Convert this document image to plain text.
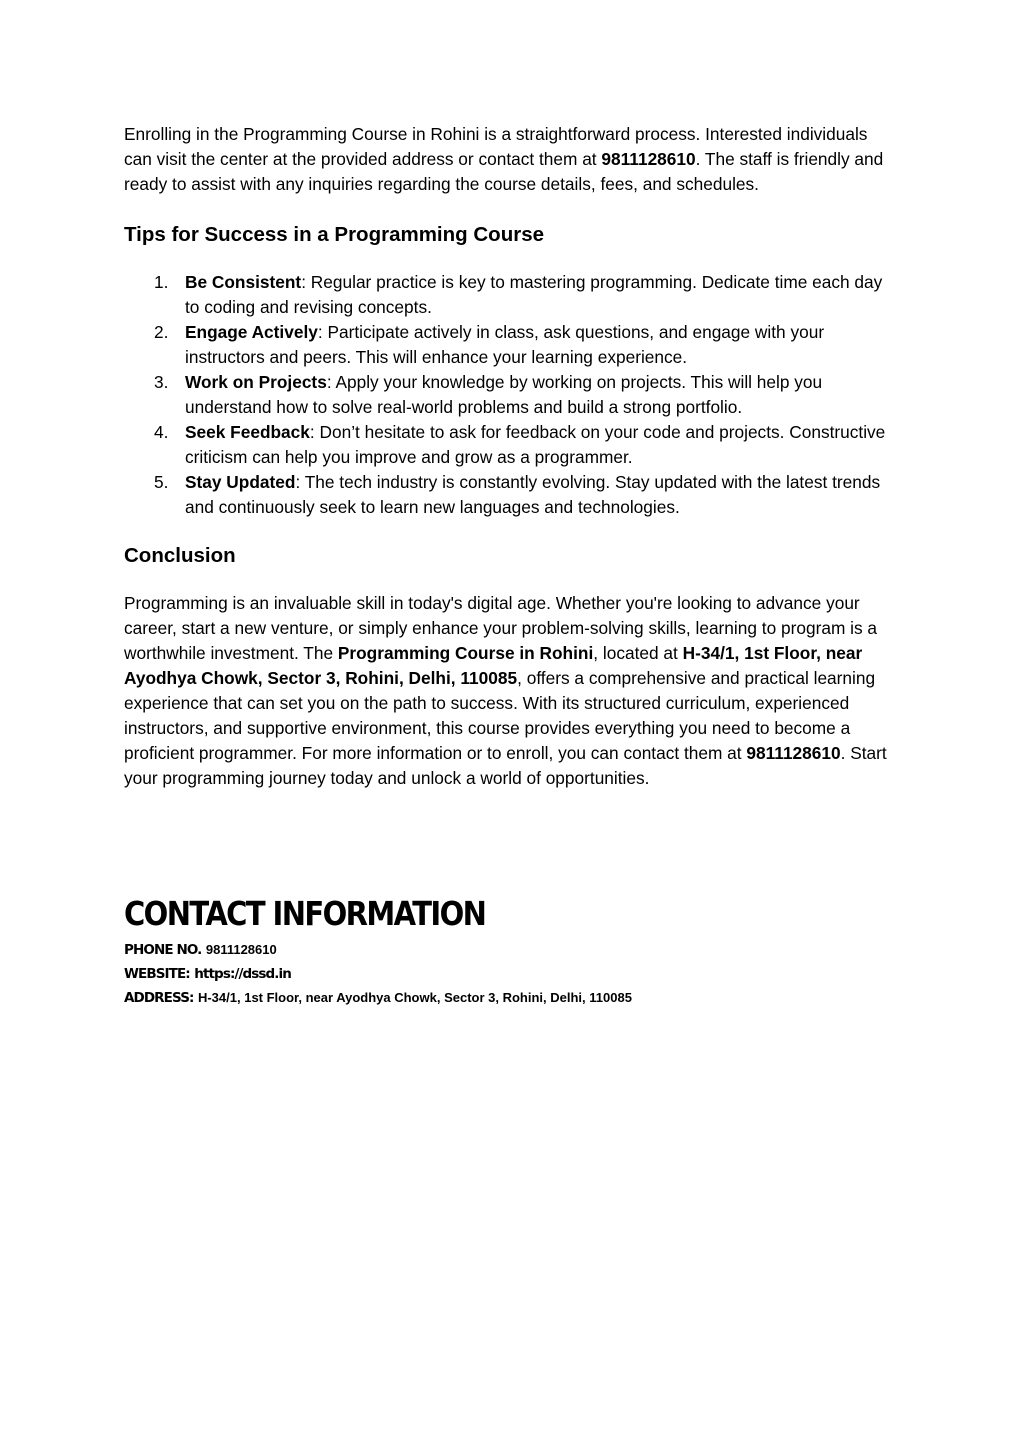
Enrolling in the Programming Course in Rohini is a straightforward process. Interested individuals can visit the center at the provided address or contact them at 9811128610. The staff is friendly and ready to assist with any inquiries regarding the course details, fees, and schedules.

Tips for Success in a Programming Course
1. Be Consistent: Regular practice is key to mastering programming. Dedicate time each day to coding and revising concepts.
2. Engage Actively: Participate actively in class, ask questions, and engage with your instructors and peers. This will enhance your learning experience.
3. Work on Projects: Apply your knowledge by working on projects. This will help you understand how to solve real-world problems and build a strong portfolio.
4. Seek Feedback: Don’t hesitate to ask for feedback on your code and projects. Constructive criticism can help you improve and grow as a programmer.
5. Stay Updated: The tech industry is constantly evolving. Stay updated with the latest trends and continuously seek to learn new languages and technologies.
Conclusion

Programming is an invaluable skill in today's digital age. Whether you're looking to advance your career, start a new venture, or simply enhance your problem-solving skills, learning to program is a worthwhile investment. The Programming Course in Rohini, located at H-34/1, 1st Floor, near Ayodhya Chowk, Sector 3, Rohini, Delhi, 110085, offers a comprehensive and practical learning experience that can set you on the path to success. With its structured curriculum, experienced instructors, and supportive environment, this course provides everything you need to become a proficient programmer. For more information or to enroll, you can contact them at 9811128610. Start your programming journey today and unlock a world of opportunities.

CONTACT INFORMATION
PHONE NO. 9811128610
WEBSITE: https://dssd.in
ADDRESS: H-34/1, 1st Floor, near Ayodhya Chowk, Sector 3, Rohini, Delhi, 110085
